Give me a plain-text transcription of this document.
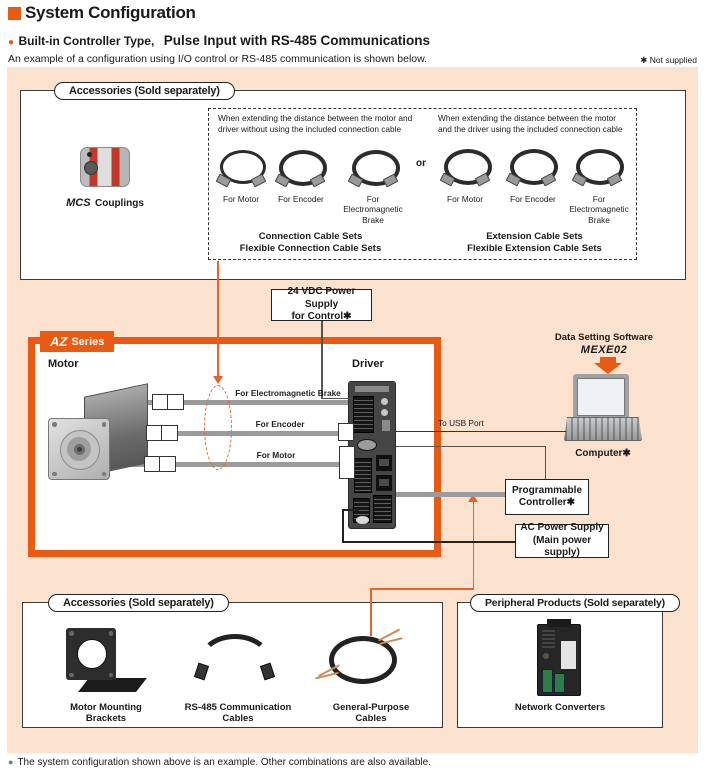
System Configuration
● Built-in Controller Type, Pulse Input with RS-485 Communications
An example of a configuration using I/O control or RS-485 communication is shown below.	✱ Not supplied
Accessories (Sold separately)
MCS Couplings
When extending the distance between the motor and driver without using the included connection cable
When extending the distance between the motor and the driver using the included connection cable
or
For Motor	For Encoder	For Electromagnetic Brake
For Motor	For Encoder	For Electromagnetic Brake
Connection Cable Sets
Flexible Connection Cable Sets
Extension Cable Sets
Flexible Extension Cable Sets
24 VDC Power Supply
for Control✱
AZ Series
Motor	Driver
For Electromagnetic Brake
For Encoder
For Motor
Data Setting Software
MEXE02
Computer✱
To USB Port
Programmable
Controller✱
AC Power Supply
(Main power supply)
Accessories (Sold separately)
Motor Mounting Brackets
RS-485 Communication Cables
General-Purpose Cables
Peripheral Products (Sold separately)
Network Converters
● The system configuration shown above is an example. Other combinations are also available.
